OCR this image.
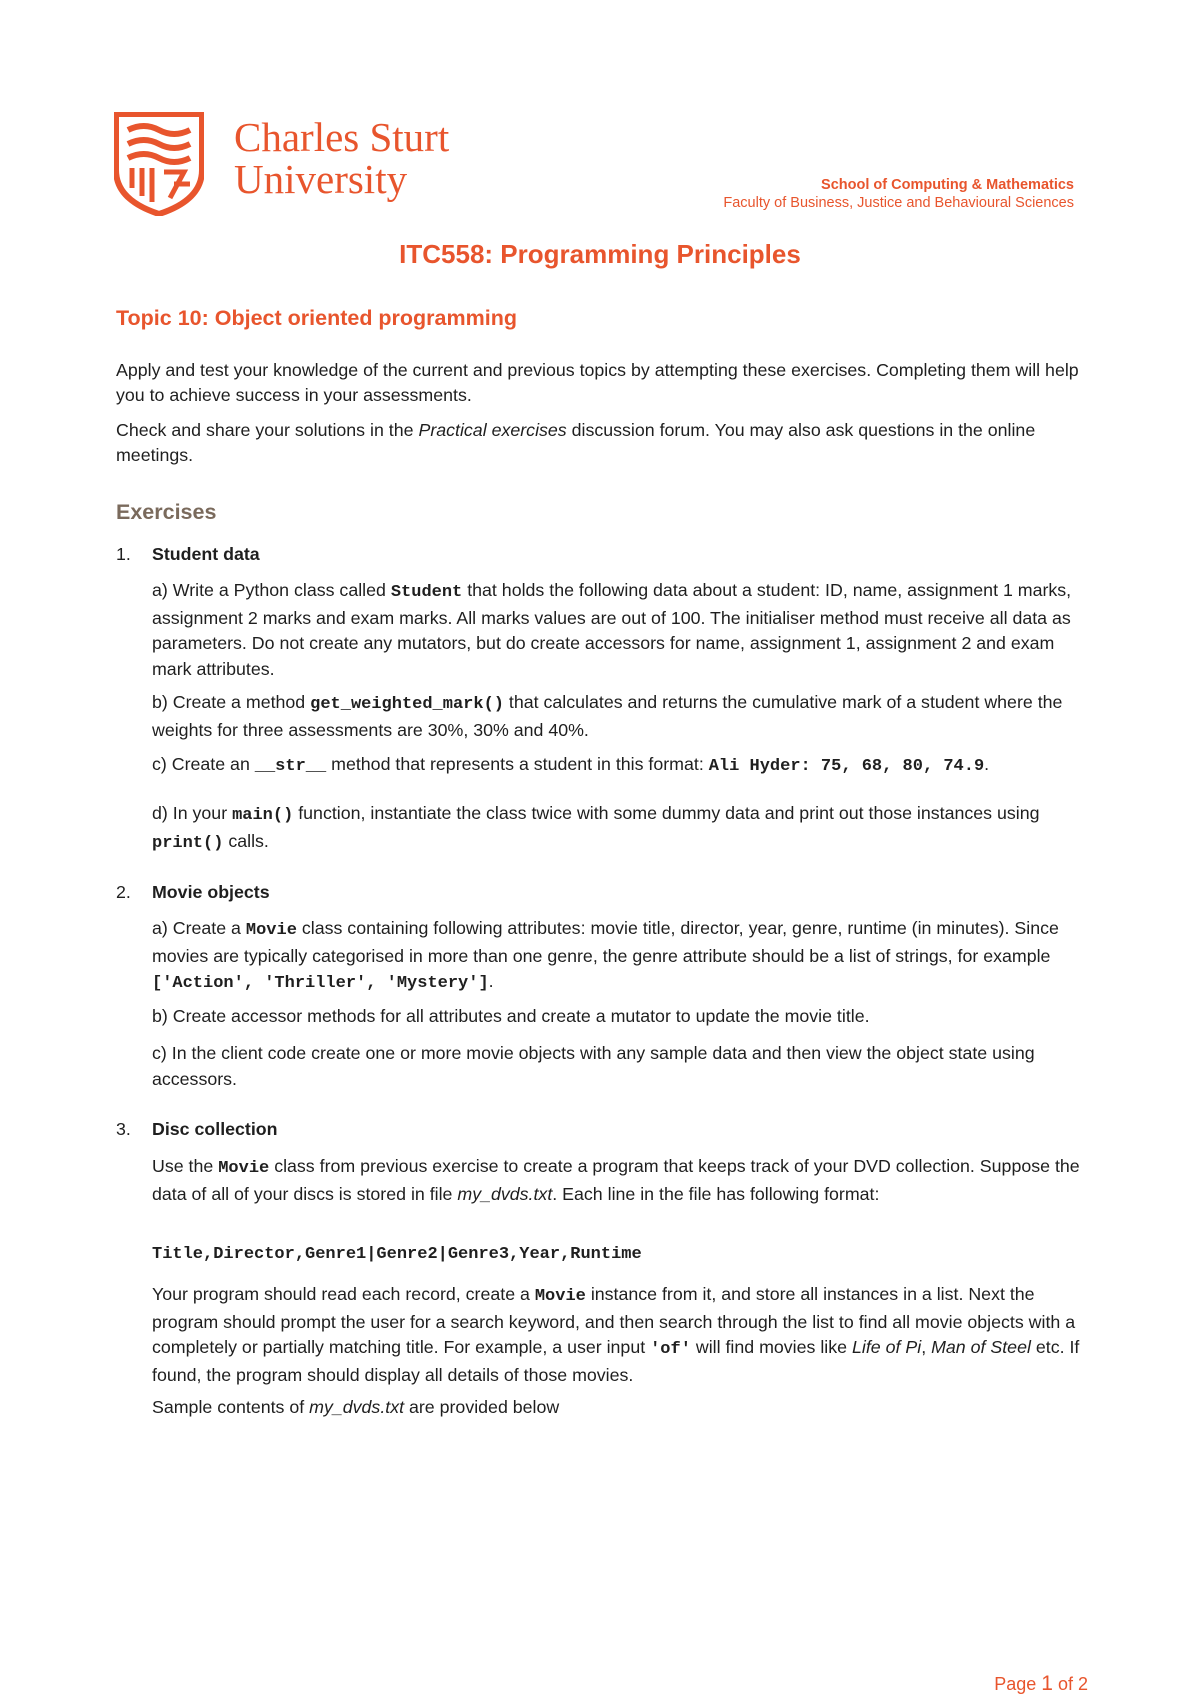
Charles Sturt
University	School of Computing & Mathematics
Faculty of Business, Justice and Behavioural Sciences
ITC558: Programming Principles
Topic 10: Object oriented programming
Apply and test your knowledge of the current and previous topics by attempting these exercises. Completing them will help you to achieve success in your assessments.
Check and share your solutions in the Practical exercises discussion forum. You may also ask questions in the online meetings.
Exercises
1. Student data
a) Write a Python class called Student that holds the following data about a student: ID, name, assignment 1 marks, assignment 2 marks and exam marks. All marks values are out of 100. The initialiser method must receive all data as parameters. Do not create any mutators, but do create accessors for name, assignment 1, assignment 2 and exam mark attributes.
b) Create a method get_weighted_mark() that calculates and returns the cumulative mark of a student where the weights for three assessments are 30%, 30% and 40%.
c) Create an __str__ method that represents a student in this format: Ali Hyder: 75, 68, 80, 74.9.
d) In your main() function, instantiate the class twice with some dummy data and print out those instances using print() calls.
2. Movie objects
a) Create a Movie class containing following attributes: movie title, director, year, genre, runtime (in minutes). Since movies are typically categorised in more than one genre, the genre attribute should be a list of strings, for example ['Action', 'Thriller', 'Mystery'].
b) Create accessor methods for all attributes and create a mutator to update the movie title.
c) In the client code create one or more movie objects with any sample data and then view the object state using accessors.
3. Disc collection
Use the Movie class from previous exercise to create a program that keeps track of your DVD collection. Suppose the data of all of your discs is stored in file my_dvds.txt. Each line in the file has following format:
Title,Director,Genre1|Genre2|Genre3,Year,Runtime
Your program should read each record, create a Movie instance from it, and store all instances in a list. Next the program should prompt the user for a search keyword, and then search through the list to find all movie objects with a completely or partially matching title. For example, a user input 'of' will find movies like Life of Pi, Man of Steel etc. If found, the program should display all details of those movies.
Sample contents of my_dvds.txt are provided below
Page 1 of 2
